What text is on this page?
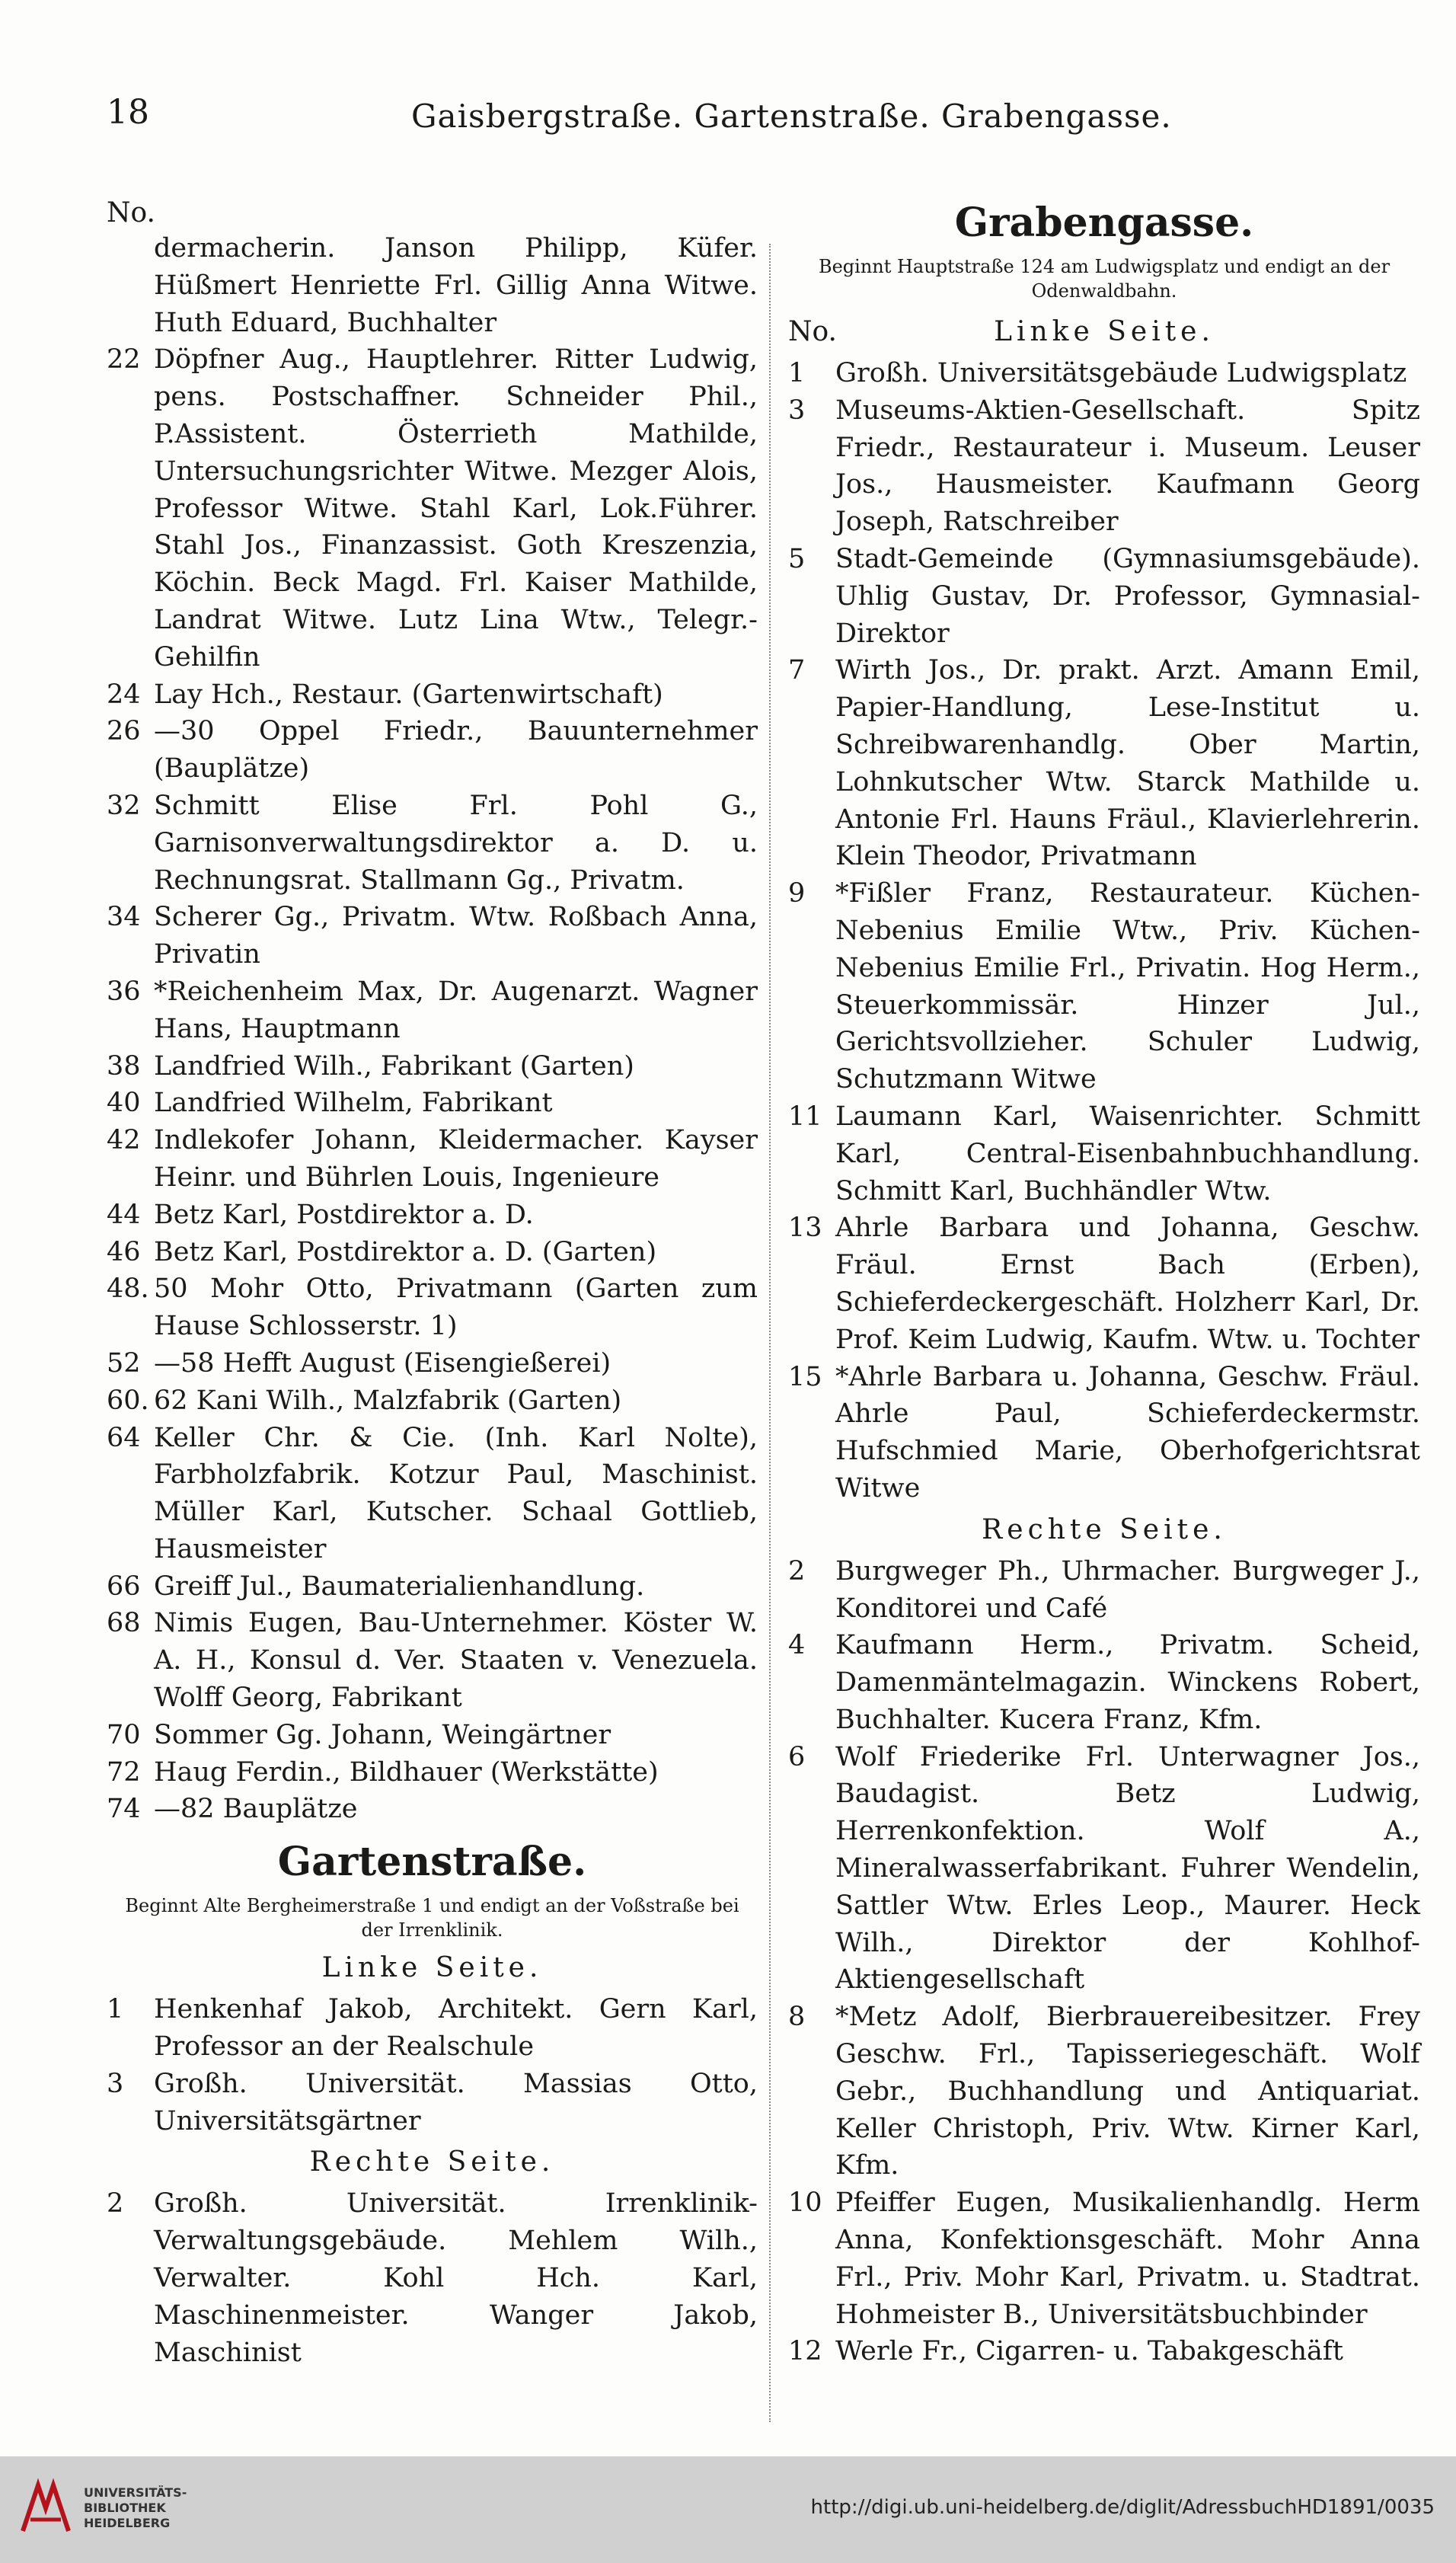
18	Gaisbergstraße. Gartenstraße. Grabengasse.
No.
dermacherin. Janson Philipp, Küfer. Hüßmert Henriette Frl. Gillig Anna Witwe. Huth Eduard, Buchhalter
22 Döpfner Aug., Hauptlehrer. Ritter Ludwig, pens. Postschaffner. Schneider Phil., P.Assistent. Österrieth Mathilde, Untersuchungsrichter Witwe. Mezger Alois, Professor Witwe. Stahl Karl, Lok.Führer. Stahl Jos., Finanzassist. Goth Kreszenzia, Köchin. Beck Magd. Frl. Kaiser Mathilde, Landrat Witwe. Lutz Lina Wtw., Telegr.-Gehilfin
24 Lay Hch., Restaur. (Gartenwirtschaft)
26 —30 Oppel Friedr., Bauunternehmer (Bauplätze)
32 Schmitt Elise Frl. Pohl G., Garnisonverwaltungsdirektor a. D. u. Rechnungsrat. Stallmann Gg., Privatm.
34 Scherer Gg., Privatm. Wtw. Roßbach Anna, Privatin
36 *Reichenheim Max, Dr. Augenarzt. Wagner Hans, Hauptmann
38 Landfried Wilh., Fabrikant (Garten)
40 Landfried Wilhelm, Fabrikant
42 Indlekofer Johann, Kleidermacher. Kayser Heinr. und Bührlen Louis, Ingenieure
44 Betz Karl, Postdirektor a. D.
46 Betz Karl, Postdirektor a. D. (Garten)
48. 50 Mohr Otto, Privatmann (Garten zum Hause Schlosserstr. 1)
52 —58 Hefft August (Eisengießerei)
60. 62 Kani Wilh., Malzfabrik (Garten)
64 Keller Chr. & Cie. (Inh. Karl Nolte), Farbholzfabrik. Kotzur Paul, Maschinist. Müller Karl, Kutscher. Schaal Gottlieb, Hausmeister
66 Greiff Jul., Baumaterialienhandlung.
68 Nimis Eugen, Bau-Unternehmer. Köster W. A. H., Konsul d. Ver. Staaten v. Venezuela. Wolff Georg, Fabrikant
70 Sommer Gg. Johann, Weingärtner
72 Haug Ferdin., Bildhauer (Werkstätte)
74 —82 Bauplätze
Gartenstraße.
Beginnt Alte Bergheimerstraße 1 und endigt an der Voßstraße bei der Irrenklinik.
Linke Seite.
1	Henkenhaf Jakob, Architekt. Gern Karl, Professor an der Realschule
3	Großh. Universität. Massias Otto, Universitätsgärtner
Rechte Seite.
2	Großh. Universität. Irrenklinik-Verwaltungsgebäude. Mehlem Wilh., Verwalter. Kohl Hch. Karl, Maschinenmeister. Wanger Jakob, Maschinist
Grabengasse.
Beginnt Hauptstraße 124 am Ludwigsplatz und endigt an der Odenwaldbahn.
No.	Linke Seite.
1	Großh. Universitätsgebäude Ludwigsplatz
3	Museums-Aktien-Gesellschaft. Spitz Friedr., Restaurateur i. Museum. Leuser Jos., Hausmeister. Kaufmann Georg Joseph, Ratschreiber
5	Stadt-Gemeinde (Gymnasiumsgebäude). Uhlig Gustav, Dr. Professor, Gymnasial-Direktor
7	Wirth Jos., Dr. prakt. Arzt. Amann Emil, Papier-Handlung, Lese-Institut u. Schreibwarenhandlg. Ober Martin, Lohnkutscher Wtw. Starck Mathilde u. Antonie Frl. Hauns Fräul., Klavierlehrerin. Klein Theodor, Privatmann
9	*Fißler Franz, Restaurateur. Küchen-Nebenius Emilie Wtw., Priv. Küchen-Nebenius Emilie Frl., Privatin. Hog Herm., Steuerkommissär. Hinzer Jul., Gerichtsvollzieher. Schuler Ludwig, Schutzmann Witwe
11 Laumann Karl, Waisenrichter. Schmitt Karl, Central-Eisenbahnbuchhandlung. Schmitt Karl, Buchhändler Wtw.
13 Ahrle Barbara und Johanna, Geschw. Fräul. Ernst Bach (Erben), Schieferdeckergeschäft. Holzherr Karl, Dr. Prof. Keim Ludwig, Kaufm. Wtw. u. Tochter
15 *Ahrle Barbara u. Johanna, Geschw. Fräul. Ahrle Paul, Schieferdeckermstr. Hufschmied Marie, Oberhofgerichtsrat Witwe
Rechte Seite.
2	Burgweger Ph., Uhrmacher. Burgweger J., Konditorei und Café
4	Kaufmann Herm., Privatm. Scheid, Damenmäntelmagazin. Winckens Robert, Buchhalter. Kucera Franz, Kfm.
6	Wolf Friederike Frl. Unterwagner Jos., Baudagist. Betz Ludwig, Herrenkonfektion. Wolf A., Mineralwasserfabrikant. Fuhrer Wendelin, Sattler Wtw. Erles Leop., Maurer. Heck Wilh., Direktor der Kohlhof-Aktiengesellschaft
8	*Metz Adolf, Bierbrauereibesitzer. Frey Geschw. Frl., Tapisseriegeschäft. Wolf Gebr., Buchhandlung und Antiquariat. Keller Christoph, Priv. Wtw. Kirner Karl, Kfm.
10 Pfeiffer Eugen, Musikalienhandlg. Herm Anna, Konfektionsgeschäft. Mohr Anna Frl., Priv. Mohr Karl, Privatm. u. Stadtrat. Hohmeister B., Universitätsbuchbinder
12 Werle Fr., Cigarren- u. Tabakgeschäft
UNIVERSITÄTS-
BIBLIOTHEK
HEIDELBERG
http://digi.ub.uni-heidelberg.de/diglit/AdressbuchHD1891/0035
